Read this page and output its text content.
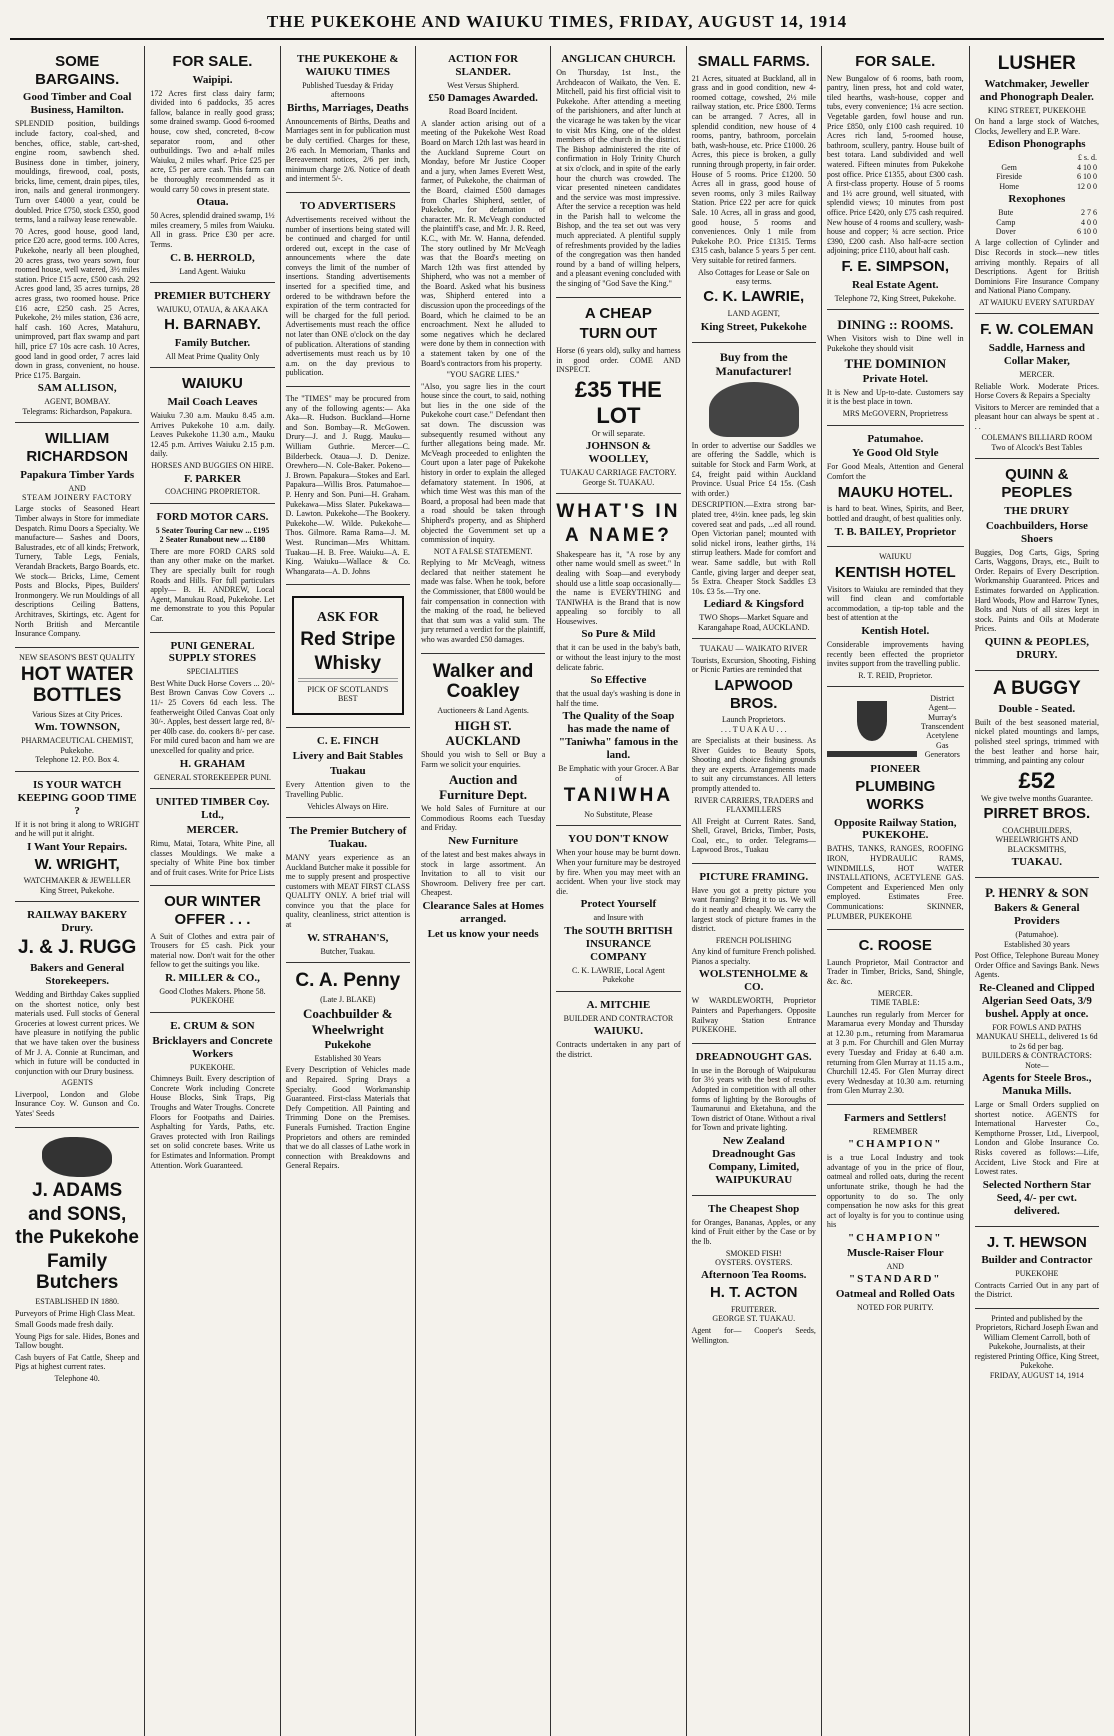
THE PUKEKOHE AND WAIUKU TIMES, FRIDAY, AUGUST 14, 1914
SOME BARGAINS.
Good Timber and Coal Business, Hamilton.
SPLENDID position, buildings include factory, coal-shed, and benches, office, stable, cart-shed, engine room, sawbench shed. Business done in timber, joinery, mouldings, firewood, coal, posts, bricks, lime, cement, drain pipes, tiles, iron, nails and general ironmongery. Turn over £4000 a year, could be doubled. Price £750, stock £350, good terms, land a railway lease renewable.
70 Acres, good house, good land, price £20 acre, good terms. 100 Acres, Pukekohe, nearly all been ploughed, 20 acres grass, two years sown, four roomed house, well watered, 3½ miles station. Price £15 acre, £500 cash. 292 Acres good land, 35 acres turnips, 28 acres grass, two roomed house. Price £16 acre, £250 cash. 25 Acres, Pukekohe, 2½ miles station, £36 acre, half cash. 160 Acres, Matahuru, unimproved, part flax swamp and part hill, price £7 10s acre cash. 10 Acres, good land in good order, 7 acres laid down in grass, convenient, no house. Price £175. Bargain.
SAM ALLISON,
AGENT, BOMBAY.
Telegrams: Richardson, Papakura.
WILLIAM RICHARDSON
Papakura Timber Yards
AND
STEAM JOINERY FACTORY
Large stocks of Seasoned Heart Timber always in Store for immediate Despatch. Rimu Doors a Specialty. We manufacture— Sashes and Doors, Balustrades, etc of all kinds; Fretwork, Turnery, Table Legs, Fenials, Verandah Brackets, Bargo Boards, etc. We stock— Bricks, Lime, Cement Posts and Blocks, Pipes, Builders' Ironmongery. We run Mouldings of all descriptions Ceiling Battens, Architraves, Skirtings, etc. Agent for North British and Mercantile Insurance Company.
NEW SEASON'S BEST QUALITY
HOT WATER BOTTLES
Various Sizes at City Prices.
Wm. TOWNSON,
PHARMACEUTICAL CHEMIST, Pukekohe.
Telephone 12. P.O. Box 4.
IS YOUR WATCH KEEPING GOOD TIME ?
If it is not bring it along to WRIGHT and he will put it alright.
I Want Your Repairs.
W. WRIGHT,
WATCHMAKER & JEWELLER
King Street, Pukekohe.
RAILWAY BAKERY Drury.
J. & J. RUGG
Bakers and General Storekeepers.
Wedding and Birthday Cakes supplied on the shortest notice, only best materials used. Full stocks of General Groceries at lowest current prices. We have pleasure in notifying the public that we have taken over the business of Mr J. A. Connie at Runciman, and which in future will be conducted in conjunction with our Drury business.
AGENTS
Liverpool, London and Globe Insurance Coy. W. Gunson and Co. Yates' Seeds
J. ADAMS
and SONS,
the Pukekohe
Family Butchers
ESTABLISHED IN 1880.
Purveyors of Prime High Class Meat.
Small Goods made fresh daily.
Young Pigs for sale. Hides, Bones and Tallow bought.
Cash buyers of Fat Cattle, Sheep and Pigs at highest current rates.
Telephone 40.
FOR SALE.
Waipipi.
172 Acres first class dairy farm; divided into 6 paddocks, 35 acres fallow, balance in really good grass; some drained swamp. Good 6-roomed house, cow shed, concreted, 8-cow separator room, and other outbuildings. Two and a-half miles Waiuku, 2 miles wharf. Price £25 per acre, £5 per acre cash. This farm can be thoroughly recommended as it would carry 50 cows in present state.
Otaua.
50 Acres, splendid drained swamp, 1½ miles creamery, 5 miles from Waiuku. All in grass. Price £30 per acre. Terms.
C. B. HERROLD,
Land Agent. Waiuku
PREMIER BUTCHERY
WAIUKU, OTAUA, & AKA AKA
H. BARNABY.
Family Butcher.
All Meat Prime Quality Only
WAIUKU
Mail Coach Leaves
Waiuku 7.30 a.m. Mauku 8.45 a.m. Arrives Pukekohe 10 a.m. daily. Leaves Pukekohe 11.30 a.m., Mauku 12.45 p.m. Arrives Waiuku 2.15 p.m. daily.
HORSES AND BUGGIES ON HIRE.
F. PARKER
COACHING PROPRIETOR.
FORD MOTOR CARS.
5 Seater Touring Car new ... £195
2 Seater Runabout new ... £180
There are more FORD CARS sold than any other make on the market. They are specially built for rough Roads and Hills. For full particulars apply— B. H. ANDREW, Local Agent, Manukau Road, Pukekohe. Let me demonstrate to you this Popular Car.
PUNI GENERAL SUPPLY STORES
SPECIALITIES
Best White Duck Horse Covers ... 20/- Best Brown Canvas Cow Covers ... 11/- 25 Covers 6d each less. The featherweight Oiled Canvas Coat only 30/-. Apples, best dessert large red, 8/- per 40lb case. do. cookers 8/- per case. For mild cured bacon and ham we are unexcelled for quality and price.
H. GRAHAM
GENERAL STOREKEEPER PUNI.
UNITED TIMBER Coy. Ltd.,
MERCER.
Rimu, Matai, Totara, White Pine, all classes Mouldings. We make a specialty of White Pine box timber and of fruit cases. Write for Price Lists
OUR WINTER OFFER . . .
A Suit of Clothes and extra pair of Trousers for £5 cash. Pick your material now. Don't wait for the other fellow to get the suitings you like.
R. MILLER & CO.,
Good Clothes Makers. Phone 58. PUKEKOHE
E. CRUM & SON
Bricklayers and Concrete Workers
PUKEKOHE.
Chimneys Built. Every description of Concrete Work including Concrete House Blocks, Sink Traps, Pig Troughs and Water Troughs. Concrete Floors for Footpaths and Dairies. Asphalting for Yards, Paths, etc. Graves protected with Iron Railings set on solid concrete bases. Write us for Estimates and Information. Prompt Attention. Work Guaranteed.
THE PUKEKOHE & WAIUKU TIMES
Published Tuesday & Friday afternoons
Births, Marriages, Deaths
Announcements of Births, Deaths and Marriages sent in for publication must be duly certified. Charges for these, 2/6 each. In Memoriam, Thanks and Bereavement notices, 2/6 per inch, minimum charge 2/6. Notice of death and interment 5/-.
TO ADVERTISERS
Advertisements received without the number of insertions being stated will be continued and charged for until ordered out, except in the case of announcements where the date conveys the limit of the number of insertions. Standing advertisements inserted for a specified time, and ordered to be withdrawn before the expiration of the term contracted for will be charged for the full period. Advertisements must reach the office not later than ONE o'clock on the day of publication. Alterations of standing advertisements must reach us by 10 a.m. on the day previous to publication.
The "TIMES" may be procured from any of the following agents:— Aka Aka—R. Hudson. Buckland—Horne and Son. Bombay—R. McGowen. Drury—J. and J. Rugg. Mauku—William Guthrie. Mercer—C. Bilderbeck. Otaua—J. D. Denize. Orewhero—N. Cole-Baker. Pokeno—J. Brown. Papakura—Stokes and Earl. Papakura—Willis Bros. Patumahoe—P. Henry and Son. Puni—H. Graham. Pukekawa—Miss Slater. Pukekawa—D. Lawton. Pukekohe—The Bookery. Pukekohe—W. Wilde. Pukekohe—Thos. Gilmore. Rama Rama—J. M. West. Runciman—Mrs Whittam. Tuakau—H. B. Free. Waiuku—A. E. King. Waiuku—Wallace & Co. Whangarata—A. D. Johns
ASK FOR
Red Stripe
Whisky
PICK OF SCOTLAND'S BEST
C. E. FINCH
Livery and Bait Stables
Tuakau
Every Attention given to the Travelling Public.
Vehicles Always on Hire.
The Premier Butchery of Tuakau.
MANY years experience as an Auckland Butcher make it possible for me to supply present and prospective customers with MEAT FIRST CLASS QUALITY ONLY. A brief trial will convince you that the place for quality, cleanliness, strict attention is at
W. STRAHAN'S,
Butcher, Tuakau.
C. A. Penny
(Late J. BLAKE)
Coachbuilder & Wheelwright
Pukekohe
Established 30 Years
Every Description of Vehicles made and Repaired. Spring Drays a Specialty. Good Workmanship Guaranteed. First-class Materials that Defy Competition. All Painting and Trimming Done on the Premises. Funerals Furnished. Traction Engine Proprietors and others are reminded that we do all classes of Lathe work in connection with Breakdowns and General Repairs.
ACTION FOR SLANDER.
West Versus Shipherd.
£50 Damages Awarded.
Road Board Incident.
A slander action arising out of a meeting of the Pukekohe West Road Board on March 12th last was heard in the Auckland Supreme Court on Monday, before Mr Justice Cooper and a jury, when James Everett West, farmer, of Pukekohe, the chairman of the Board, claimed £500 damages from Charles Shipherd, settler, of Pukekohe, for defamation of character. Mr. R. McVeagh conducted the plaintiff's case, and Mr. J. R. Reed, K.C., with Mr. W. Hanna, defended. The story outlined by Mr McVeagh was that the Board's meeting on March 12th was first attended by Shipherd, who was not a member of the Board. Asked what his business was, Shipherd entered into a discussion upon the proceedings of the Board, which he claimed to be an encroachment. Next he alluded to some negatives which he declared were done by them in connection with a statement taken by one of the Board's contractors from his property.
"YOU SAGRE LIES."
"Also, you sagre lies in the court house since the court, to said, nothing but lies in the one side of the Pukekohe court case." Defendant then sat down. The discussion was subsequently resumed without any further allegations being made. Mr. McVeagh proceeded to enlighten the Court upon a later page of Pukekohe history in order to explain the alleged defamatory statement. In 1906, at which time West was this man of the Board, a proposal had been made that a road should be taken through Shipherd's property, and as Shipherd objected the Government set up a commission of inquiry.
NOT A FALSE STATEMENT.
Replying to Mr McVeagh, witness declared that neither statement he made was false. When he took, before the Commissioner, that £800 would be fair compensation in connection with the making of the road, he believed that that sum was a valid sum. The jury returned a verdict for the plaintiff, who was awarded £50 damages.
Walker and Coakley
Auctioneers & Land Agents.
HIGH ST. AUCKLAND
Should you wish to Sell or Buy a Farm we solicit your enquiries.
Auction and Furniture Dept.
We hold Sales of Furniture at our Commodious Rooms each Tuesday and Friday.
New Furniture
of the latest and best makes always in stock in large assortment. An Invitation to all to visit our Showroom. Delivery free per cart. Cheapest.
Clearance Sales at Homes arranged.
Let us know your needs
ANGLICAN CHURCH.
On Thursday, 1st Inst., the Archdeacon of Waikato, the Ven. E. Mitchell, paid his first official visit to Pukekohe. After attending a meeting of the parishioners, and after lunch at the vicarage he was taken by the vicar to visit Mrs King, one of the oldest members of the church in the district. The Bishop administered the rite of confirmation in Holy Trinity Church at six o'clock, and in spite of the early hour the church was crowded. The vicar presented nineteen candidates and the service was most impressive. After the service a reception was held in the Parish hall to welcome the Bishop, and the tea set out was very much appreciated. A plentiful supply of refreshments provided by the ladies of the congregation was then handed round by a band of willing helpers, and a pleasant evening concluded with the singing of "God Save the King."
A CHEAP
TURN OUT
Horse (6 years old), sulky and harness in good order. COME AND INSPECT.
£35 THE LOT
Or will separate.
JOHNSON & WOOLLEY,
TUAKAU CARRIAGE FACTORY.
George St. TUAKAU.
WHAT'S IN
A NAME?
Shakespeare has it, "A rose by any other name would smell as sweet." In dealing with Soap—and everybody should use a little soap occasionally—the name is EVERYTHING and TANIWHA is the Brand that is now appealing so forcibly to all Housewives.
So Pure & Mild
that it can be used in the baby's bath, or without the least injury to the most delicate fabric.
So Effective
that the usual day's washing is done in half the time.
The Quality of the Soap has made the name of "Taniwha" famous in the land.
Be Emphatic with your Grocer. A Bar of
TANIWHA
No Substitute, Please
YOU DON'T KNOW
When your house may be burnt down. When your furniture may be destroyed by fire. When you may meet with an accident. When your live stock may die.
Protect Yourself
and Insure with
The SOUTH BRITISH INSURANCE COMPANY
C. K. LAWRIE, Local Agent Pukekohe
A. MITCHIE
BUILDER AND CONTRACTOR
WAIUKU.
Contracts undertaken in any part of the district.
SMALL FARMS.
21 Acres, situated at Buckland, all in grass and in good condition, new 4-roomed cottage, cowshed, 2½ mile railway station, etc. Price £800. Terms can be arranged. 7 Acres, all in splendid condition, new house of 4 rooms, pantry, bathroom, porcelain bath, wash-house, etc. Price £1000. 26 Acres, this piece is broken, a gully running through property, in fair order. House of 5 rooms. Price £1200. 50 Acres all in grass, good house of seven rooms, only 3 miles Railway Station. Price £22 per acre for quick Sale. 10 Acres, all in grass and good, good house, 5 rooms and conveniences. Only 1 mile from Pukekohe P.O. Price £1315. Terms £315 cash, balance 5 years 5 per cent. Very suitable for retired farmers.
Also Cottages for Lease or Sale on easy terms.
C. K. LAWRIE,
LAND AGENT,
King Street, Pukekohe
Buy from the Manufacturer!
In order to advertise our Saddles we are offering the Saddle, which is suitable for Stock and Farm Work, at £4, freight paid within Auckland Province. Usual Price £4 15s. (Cash with order.)
DESCRIPTION.—Extra strong bar-plated tree, 4½in. knee pads, leg skin covered seat and pads, ...ed all round. Open Victorian panel; mounted with solid nickel irons, leather girths, 1¼ stirrup leathers. Made for comfort and wear. Same saddle, but with Roll Cantle, giving larger and deeper seat, 5s Extra. Cheaper Stock Saddles £3 10s. £3 5s.—Try one.
Lediard & Kingsford
TWO Shops—Market Square and Karangahape Road, AUCKLAND.
TUAKAU — WAIKATO RIVER
Tourists, Excursion, Shooting, Fishing or Picnic Parties are reminded that
LAPWOOD BROS.
Launch Proprietors.
. . . T U A K A U . . .
are Specialists at their business. As River Guides to Beauty Spots, Shooting and choice fishing grounds they are experts. Arrangements made to suit any circumstances. All letters promptly attended to.
RIVER CARRIERS, TRADERS and FLAXMILLERS
All Freight at Current Rates. Sand, Shell, Gravel, Bricks, Timber, Posts, Coal, etc., to order. Telegrams—Lapwood Bros., Tuakau
PICTURE FRAMING.
Have you got a pretty picture you want framing? Bring it to us. We will do it neatly and cheaply. We carry the largest stock of picture frames in the district.
FRENCH POLISHING
Any kind of furniture French polished. Pianos a specialty.
WOLSTENHOLME & CO.
W WARDLEWORTH, Proprietor Painters and Paperhangers. Opposite Railway Station Entrance PUKEKOHE.
DREADNOUGHT GAS.
In use in the Borough of Waipukurau for 3½ years with the best of results. Adopted in competition with all other forms of lighting by the Boroughs of Taumarunui and Eketahuna, and the Town district of Otane. Without a rival for Town and private lighting.
New Zealand Dreadnought Gas Company, Limited, WAIPUKURAU
The Cheapest Shop
for Oranges, Bananas, Apples, or any kind of Fruit either by the Case or by the lb.
SMOKED FISH!
OYSTERS. OYSTERS.
Afternoon Tea Rooms.
H. T. ACTON
FRUITERER.
GEORGE ST. TUAKAU.
Agent for— Cooper's Seeds, Wellington.
FOR SALE.
New Bungalow of 6 rooms, bath room, pantry, linen press, hot and cold water, tiled hearths, wash-house, copper and tubs, every convenience; 1¼ acre section. Vegetable garden, fowl house and run. Price £850, only £100 cash required. 10 Acres rich land, 5-roomed house, bathroom, scullery, pantry. House built of best totara. Land subdivided and well watered. Fifteen minutes from Pukekohe post office. Price £1355, about £300 cash. A first-class property. House of 5 rooms and 1½ acre ground, well situated, with splendid views; 10 minutes from post office. Price £420, only £75 cash required. New house of 4 rooms and scullery, wash-house and copper; ¼ acre section. Price £390, £200 cash. Also half-acre section adjoining; price £110, about half cash.
F. E. SIMPSON,
Real Estate Agent.
Telephone 72, King Street, Pukekohe.
DINING :: ROOMS.
When Visitors wish to Dine well in Pukekohe they should visit
THE DOMINION
Private Hotel.
It is New and Up-to-date. Customers say it is the best place in town.
MRS McGOVERN, Proprietress
Patumahoe.
Ye Good Old Style
For Good Meals, Attention and General Comfort the
MAUKU HOTEL.
is hard to beat. Wines, Spirits, and Beer, bottled and draught, of best qualities only.
T. B. BAILEY, Proprietor
WAIUKU
KENTISH HOTEL
Visitors to Waiuku are reminded that they will find clean and comfortable accommodation, a tip-top table and the best of attention at the
Kentish Hotel.
Considerable improvements having recently been effected the proprietor invites support from the travelling public.
R. T. REID, Proprietor.
District Agent— Murray's Transcendent Acetylene Gas Generators
PIONEER
PLUMBING WORKS
Opposite Railway Station, PUKEKOHE.
BATHS, TANKS, RANGES, ROOFING IRON, HYDRAULIC RAMS, WINDMILLS, HOT WATER INSTALLATIONS, ACETYLENE GAS. Competent and Experienced Men only employed. Estimates Free. Communications: SKINNER, PLUMBER, PUKEKOHE
C. ROOSE
Launch Proprietor, Mail Contractor and Trader in Timber, Bricks, Sand, Shingle, &c. &c.
MERCER.
TIME TABLE:
Launches run regularly from Mercer for Maramarua every Monday and Thursday at 12.30 p.m., returning from Maramarua at 3 p.m. For Churchill and Glen Murray every Tuesday and Friday at 6.40 a.m. returning from Glen Murray at 11.15 a.m., Churchill 12.45. For Glen Murray direct every Wednesday at 10.30 a.m. returning from Glen Murray 2.30.
Farmers and Settlers!
REMEMBER
"CHAMPION"
is a true Local Industry and took advantage of you in the price of flour, oatmeal and rolled oats, during the recent unfortunate strike, though he had the opportunity to do so. The only compensation he now asks for this great act of loyalty is for you to continue using his
"CHAMPION"
Muscle-Raiser Flour
AND
"STANDARD"
Oatmeal and Rolled Oats
NOTED FOR PURITY.
LUSHER
Watchmaker, Jeweller and Phonograph Dealer.
KING STREET, PUKEKOHE
On hand a large stock of Watches, Clocks, Jewellery and E.P. Ware.
Edison Phonographs
	£ s. d.
Gem	4 10 0
Fireside	6 10 0
Home	12 0 0
Rexophones
Bute	2 7 6
Camp	4 0 0
Dover	6 10 0
A large collection of Cylinder and Disc Records in stock—new titles arriving monthly. Repairs of all Descriptions. Agent for British Dominions Fire Insurance Company and National Piano Company.
AT WAIUKU EVERY SATURDAY
F. W. COLEMAN
Saddle, Harness and Collar Maker,
MERCER.
Reliable Work. Moderate Prices. Horse Covers & Repairs a Specialty
Visitors to Mercer are reminded that a pleasant hour can always be spent at . . .
COLEMAN'S BILLIARD ROOM
Two of Alcock's Best Tables
QUINN & PEOPLES
THE DRURY
Coachbuilders, Horse Shoers
Buggies, Dog Carts, Gigs, Spring Carts, Waggons, Drays, etc., Built to Order. Repairs of Every Description. Workmanship Guaranteed. Prices and Estimates forwarded on Application. Hard Woods, Plow and Harrow Tynes, Bolts and Nuts of all sizes kept in stock. Paints and Oils at Moderate Prices.
QUINN & PEOPLES, DRURY.
A BUGGY
Double - Seated.
Built of the best seasoned material, nickel plated mountings and lamps, polished steel springs, trimmed with the best leather and horse hair, trimming, and painting any colour
£52
We give twelve months Guarantee.
PIRRET BROS.
COACHBUILDERS, WHEELWRIGHTS AND BLACKSMITHS,
TUAKAU.
P. HENRY & SON
Bakers & General Providers
(Patumahoe).
Established 30 years
Post Office, Telephone Bureau Money Order Office and Savings Bank. News Agents.
Re-Cleaned and Clipped Algerian Seed Oats, 3/9 bushel. Apply at once.
FOR FOWLS AND PATHS MANUKAU SHELL, delivered 1s 6d to 2s 6d per bag.
BUILDERS & CONTRACTORS:
Note—
Agents for Steele Bros., Manuka Mills.
Large or Small Orders supplied on shortest notice. AGENTS for International Harvester Co., Kempthorne Prosser, Ltd., Liverpool, London and Globe Insurance Co. Risks covered as follows:—Life, Accident, Live Stock and Fire at Lowest rates.
Selected Northern Star Seed, 4/- per cwt. delivered.
J. T. HEWSON
Builder and Contractor
PUKEKOHE
Contracts Carried Out in any part of the District.
Printed and published by the Proprietors, Richard Joseph Ewan and William Clement Carroll, both of Pukekohe, Journalists, at their registered Printing Office, King Street, Pukekohe.
FRIDAY, AUGUST 14, 1914
